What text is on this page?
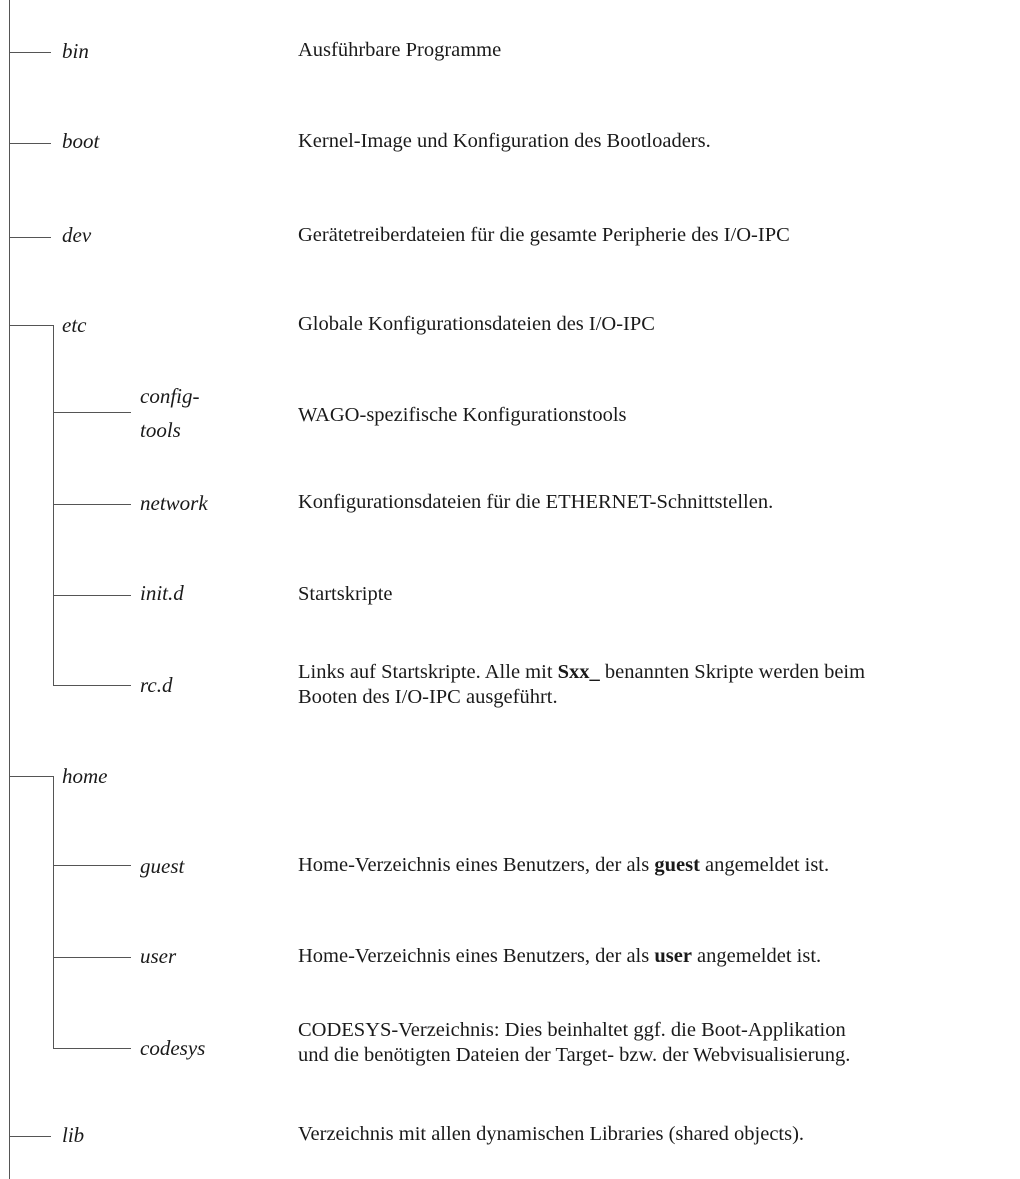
bin
boot
dev
etc
home
lib
config-
tools
network
init.d
rc.d
guest
user
codesys
Ausführbare Programme
Kernel-Image und Konfiguration des Bootloaders.
Gerätetreiberdateien für die gesamte Peripherie des I/O-IPC
Globale Konfigurationsdateien des I/O-IPC
WAGO-spezifische Konfigurationstools
Konfigurationsdateien für die ETHERNET-Schnittstellen.
Startskripte
Links auf Startskripte. Alle mit Sxx_ benannten Skripte werden beim
Booten des I/O-IPC ausgeführt.
Home-Verzeichnis eines Benutzers, der als guest angemeldet ist.
Home-Verzeichnis eines Benutzers, der als user angemeldet ist.
CODESYS-Verzeichnis: Dies beinhaltet ggf. die Boot-Applikation
und die benötigten Dateien der Target- bzw. der Webvisualisierung.
Verzeichnis mit allen dynamischen Libraries (shared objects).
